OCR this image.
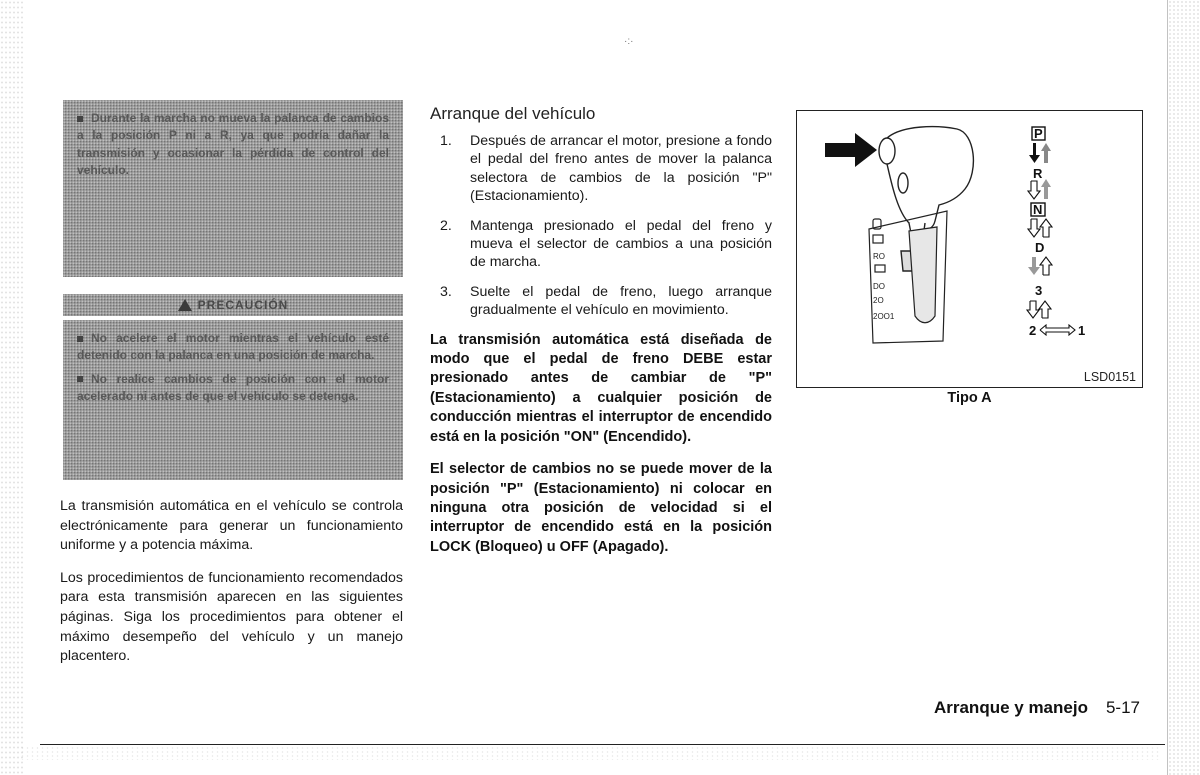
·:·

Durante la marcha no mueva la palanca de cambios a la posición P ni a R, ya que podría dañar la transmisión y ocasionar la pérdida de control del vehículo.

PRECAUCIÓN

No acelere el motor mientras el vehículo esté detenido con la palanca en una posición de marcha.

No realice cambios de posición con el motor acelerado ni antes de que el vehículo se detenga.

La transmisión automática en el vehículo se controla electrónicamente para generar un funcionamiento uniforme y a potencia máxima.

Los procedimientos de funcionamiento recomendados para esta transmisión aparecen en las siguientes páginas. Siga los procedimientos para obtener el máximo desempeño del vehículo y un manejo placentero.

Arranque del vehículo
1.	Después de arrancar el motor, presione a fondo el pedal del freno antes de mover la palanca selectora de cambios de la posición "P" (Estacionamiento).
2.	Mantenga presionado el pedal del freno y mueva el selector de cambios a una posición de marcha.
3.	Suelte el pedal de freno, luego arranque gradualmente el vehículo en movimiento.

La transmisión automática está diseñada de modo que el pedal de freno DEBE estar presionado antes de cambiar de "P" (Estacionamiento) a cualquier posición de conducción mientras el interruptor de encendido está en la posición "ON" (Encendido).

El selector de cambios no se puede mover de la posición "P" (Estacionamiento) ni colocar en ninguna otra posición de velocidad si el interruptor de encendido está en la posición LOCK (Bloqueo) u OFF (Apagado).

RO
DO
2O
2OO1
P
R
N
D
3
2	1
LSD0151
Tipo A
Arranque y manejo 5-17
